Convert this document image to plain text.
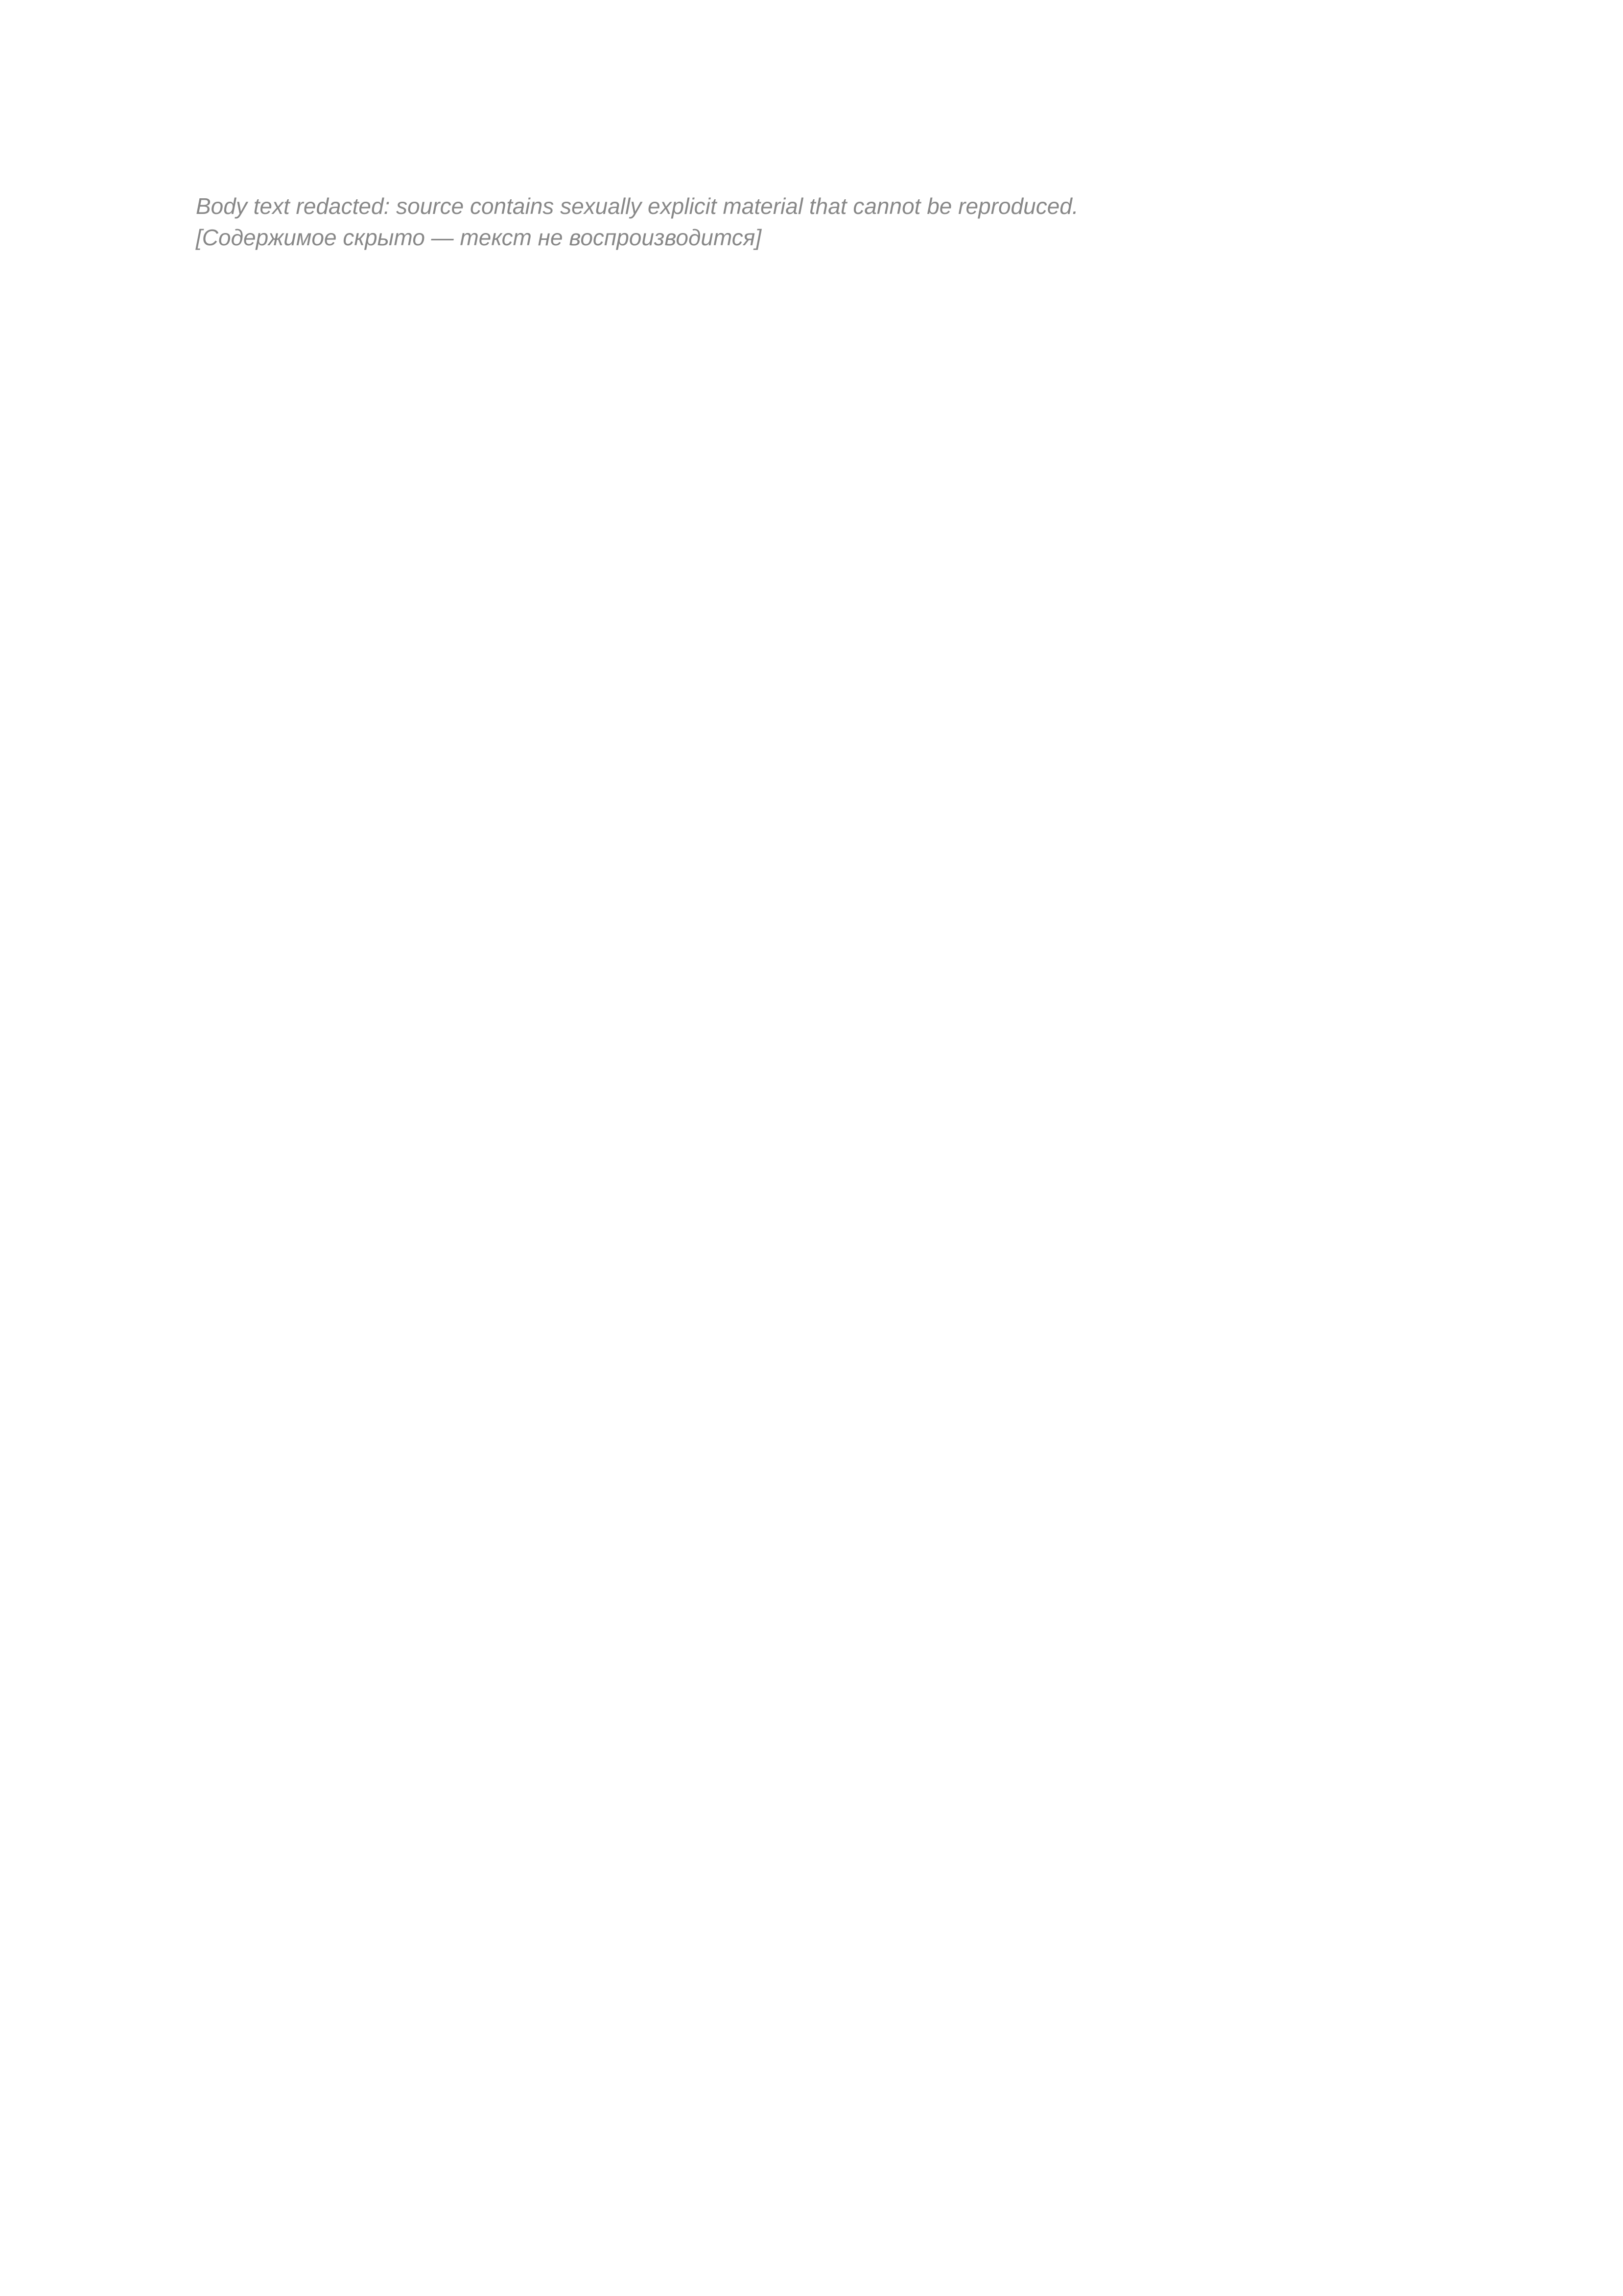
Body text redacted: source contains sexually explicit material that cannot be reproduced.

[Содержимое скрыто — текст не воспроизводится]
